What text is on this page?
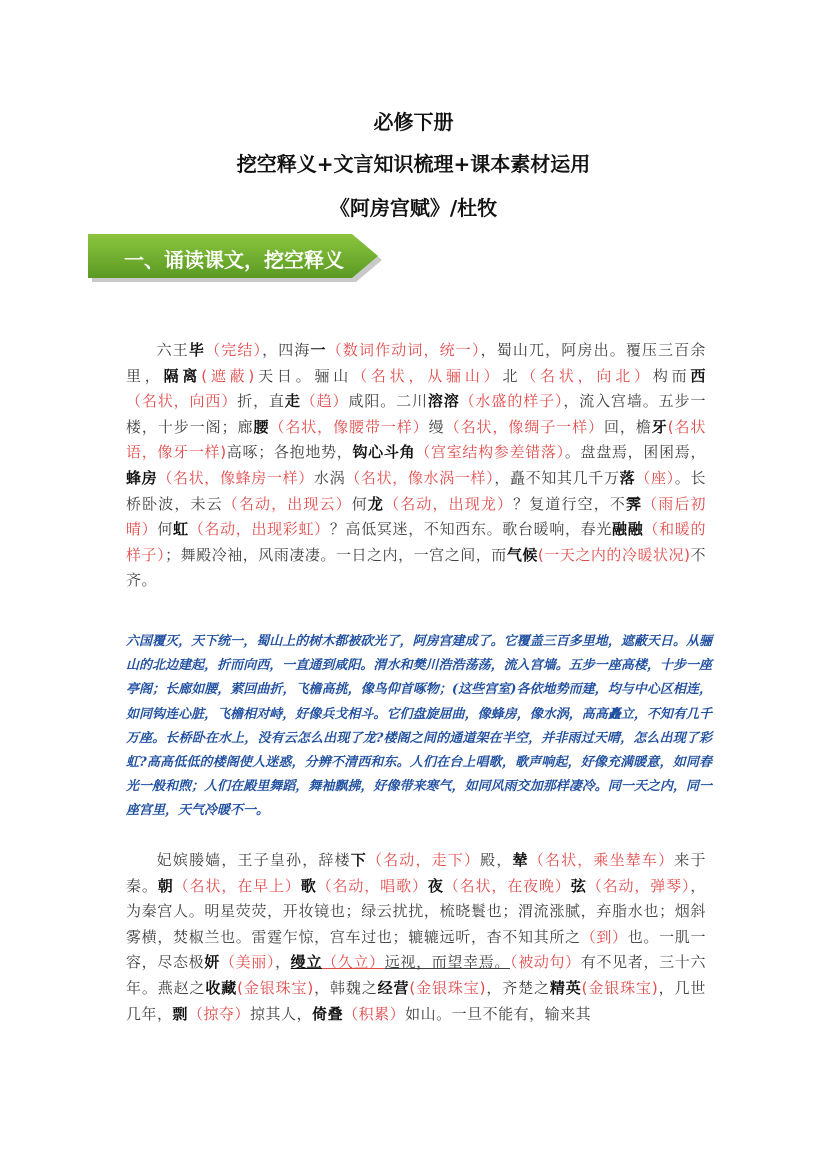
必修下册
挖空释义+文言知识梳理+课本素材运用
《阿房宫赋》/杜牧
一、诵读课文，挖空释义
六王毕（完结），四海一（数词作动词，统一），蜀山兀，阿房出。覆压三百余里，隔离(遮蔽)天日。骊山（名状，从骊山）北（名状，向北）构而西（名状，向西）折，直走（趋）咸阳。二川溶溶（水盛的样子），流入宫墙。五步一楼，十步一阁；廊腰（名状，像腰带一样）缦（名状，像绸子一样）回，檐牙(名状语，像牙一样)高啄；各抱地势，钩心斗角（宫室结构参差错落）。盘盘焉，囷囷焉，蜂房（名状，像蜂房一样）水涡（名状，像水涡一样），矗不知其几千万落（座）。长桥卧波，未云（名动，出现云）何龙（名动，出现龙）？复道行空，不霁（雨后初晴）何虹（名动，出现彩虹）？高低冥迷，不知西东。歌台暖响，春光融融（和暖的样子）；舞殿冷袖，风雨凄凄。一日之内，一宫之间，而气候(一天之内的冷暖状况)不齐。
六国覆灭，天下统一，蜀山上的树木都被砍光了，阿房宫建成了。它覆盖三百多里地，遮蔽天日。从骊山的北边建起，折而向西，一直通到咸阳。渭水和樊川浩浩荡荡，流入宫墙。五步一座高楼，十步一座亭阁；长廊如腰，萦回曲折，飞檐高挑，像鸟仰首啄物；(这些宫室)各依地势而建，均与中心区相连，如同钩连心脏，飞檐相对峙，好像兵戈相斗。它们盘旋屈曲，像蜂房，像水涡，高高矗立，不知有几千万座。长桥卧在水上，没有云怎么出现了龙?楼阁之间的通道架在半空，并非雨过天晴，怎么出现了彩虹?高高低低的楼阁使人迷惑，分辨不清西和东。人们在台上唱歌，歌声响起，好像充满暖意，如同春光一般和煦；人们在殿里舞蹈，舞袖飘拂，好像带来寒气，如同风雨交加那样凄冷。同一天之内，同一座宫里，天气冷暖不一。
妃嫔媵嫱，王子皇孙，辞楼下（名动，走下）殿，辇（名状，乘坐辇车）来于秦。朝（名状，在早上）歌（名动，唱歌）夜（名状，在夜晚）弦（名动，弹琴），为秦宫人。明星荧荧，开妆镜也；绿云扰扰，梳晓鬟也；渭流涨腻，弃脂水也；烟斜雾横，焚椒兰也。雷霆乍惊，宫车过也；辘辘远听，杳不知其所之（到）也。一肌一容，尽态极妍（美丽），缦立（久立）远视，而望幸焉。（被动句）有不见者，三十六年。燕赵之收藏(金银珠宝)，韩魏之经营(金银珠宝)，齐楚之精英(金银珠宝)，几世几年，剽（掠夺）掠其人，倚叠（积累）如山。一旦不能有，输来其
